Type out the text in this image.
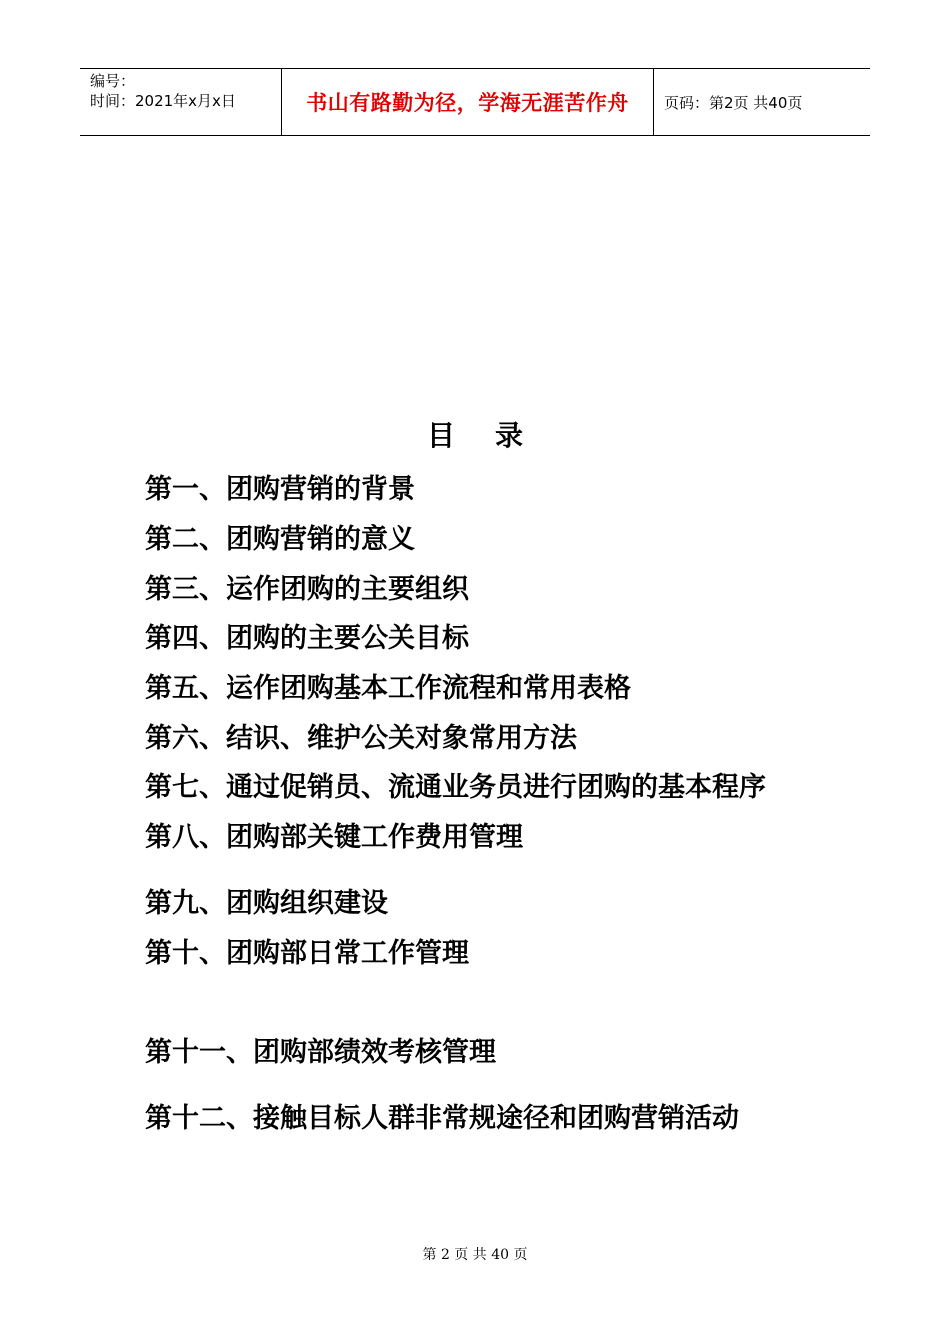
编号：
时间：2021年x月x日	书山有路勤为径，学海无涯苦作舟 页码：第2页 共40页
目录
第一、团购营销的背景
第二、团购营销的意义
第三、运作团购的主要组织
第四、团购的主要公关目标
第五、运作团购基本工作流程和常用表格
第六、结识、维护公关对象常用方法
第七、通过促销员、流通业务员进行团购的基本程序
第八、团购部关键工作费用管理
第九、团购组织建设
第十、团购部日常工作管理
第十一、团购部绩效考核管理
第十二、接触目标人群非常规途径和团购营销活动
第 2 页 共 40 页
